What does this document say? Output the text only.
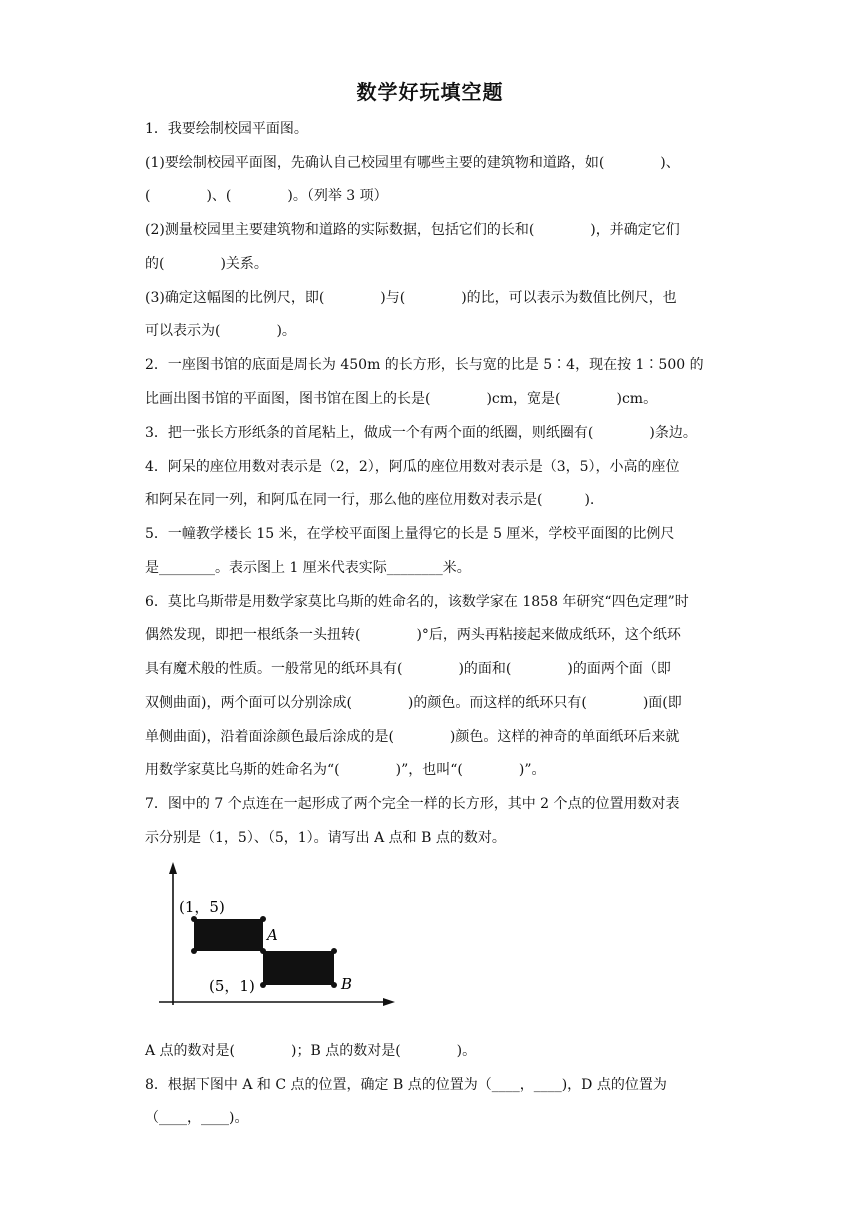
数学好玩填空题
1．我要绘制校园平面图。
(1)要绘制校园平面图，先确认自己校园里有哪些主要的建筑物和道路，如(　　　　)、
(　　　　)、(　　　　)。（列举 3 项）
(2)测量校园里主要建筑物和道路的实际数据，包括它们的长和(　　　　)，并确定它们
的(　　　　)关系。
(3)确定这幅图的比例尺，即(　　　　)与(　　　　)的比，可以表示为数值比例尺，也
可以表示为(　　　　)。
2．一座图书馆的底面是周长为 450m 的长方形，长与宽的比是 5∶4，现在按 1∶500 的
比画出图书馆的平面图，图书馆在图上的长是(　　　　)cm，宽是(　　　　)cm。
3．把一张长方形纸条的首尾粘上，做成一个有两个面的纸圈，则纸圈有(　　　　)条边。
4．阿呆的座位用数对表示是（2，2），阿瓜的座位用数对表示是（3，5），小高的座位
和阿呆在同一列，和阿瓜在同一行，那么他的座位用数对表示是(　　　).
5．一幢教学楼长 15 米，在学校平面图上量得它的长是 5 厘米，学校平面图的比例尺
是________。表示图上 1 厘米代表实际________米。
6．莫比乌斯带是用数学家莫比乌斯的姓命名的，该数学家在 1858 年研究“四色定理”时
偶然发现，即把一根纸条一头扭转(　　　　)°后，两头再粘接起来做成纸环，这个纸环
具有魔术般的性质。一般常见的纸环具有(　　　　)的面和(　　　　)的面两个面（即
双侧曲面)，两个面可以分别涂成(　　　　)的颜色。而这样的纸环只有(　　　　)面(即
单侧曲面)，沿着面涂颜色最后涂成的是(　　　　)颜色。这样的神奇的单面纸环后来就
用数学家莫比乌斯的姓命名为“(　　　　)”，也叫“(　　　　)”。
7．图中的 7 个点连在一起形成了两个完全一样的长方形，其中 2 个点的位置用数对表
示分别是（1，5）、（5，1）。请写出 A 点和 B 点的数对。
(1，5)
A
(5，1)	B
A 点的数对是(　　　　)；B 点的数对是(　　　　)。
8．根据下图中 A 和 C 点的位置，确定 B 点的位置为（____，____)，D 点的位置为
（____，____)。
